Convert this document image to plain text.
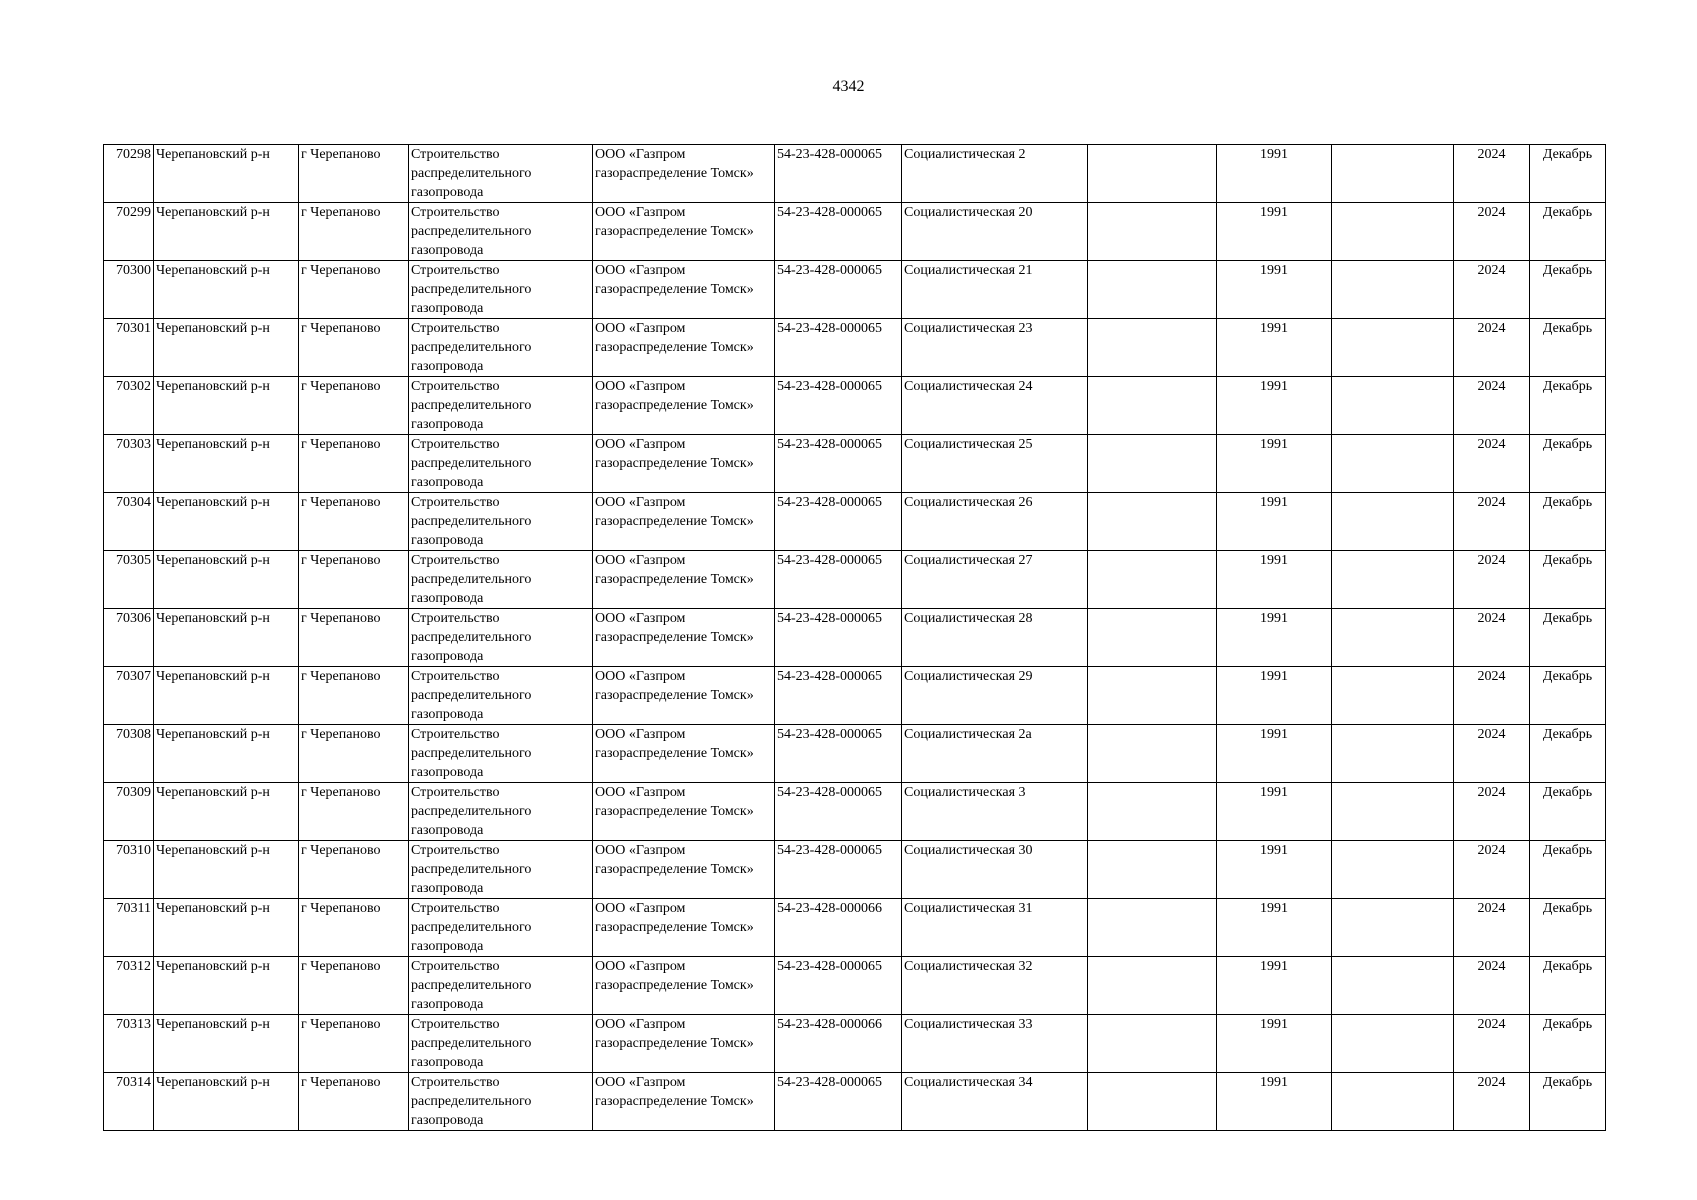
4342
70298	Черепановский р-н	г Черепаново	Строительство распределительного газопровода	ООО «Газпром газораспределение Томск»	54-23-428-000065	Социалистическая 2		1991		2024	Декабрь
70299	Черепановский р-н	г Черепаново	Строительство распределительного газопровода	ООО «Газпром газораспределение Томск»	54-23-428-000065	Социалистическая 20		1991		2024	Декабрь
70300	Черепановский р-н	г Черепаново	Строительство распределительного газопровода	ООО «Газпром газораспределение Томск»	54-23-428-000065	Социалистическая 21		1991		2024	Декабрь
70301	Черепановский р-н	г Черепаново	Строительство распределительного газопровода	ООО «Газпром газораспределение Томск»	54-23-428-000065	Социалистическая 23		1991		2024	Декабрь
70302	Черепановский р-н	г Черепаново	Строительство распределительного газопровода	ООО «Газпром газораспределение Томск»	54-23-428-000065	Социалистическая 24		1991		2024	Декабрь
70303	Черепановский р-н	г Черепаново	Строительство распределительного газопровода	ООО «Газпром газораспределение Томск»	54-23-428-000065	Социалистическая 25		1991		2024	Декабрь
70304	Черепановский р-н	г Черепаново	Строительство распределительного газопровода	ООО «Газпром газораспределение Томск»	54-23-428-000065	Социалистическая 26		1991		2024	Декабрь
70305	Черепановский р-н	г Черепаново	Строительство распределительного газопровода	ООО «Газпром газораспределение Томск»	54-23-428-000065	Социалистическая 27		1991		2024	Декабрь
70306	Черепановский р-н	г Черепаново	Строительство распределительного газопровода	ООО «Газпром газораспределение Томск»	54-23-428-000065	Социалистическая 28		1991		2024	Декабрь
70307	Черепановский р-н	г Черепаново	Строительство распределительного газопровода	ООО «Газпром газораспределение Томск»	54-23-428-000065	Социалистическая 29		1991		2024	Декабрь
70308	Черепановский р-н	г Черепаново	Строительство распределительного газопровода	ООО «Газпром газораспределение Томск»	54-23-428-000065	Социалистическая 2а		1991		2024	Декабрь
70309	Черепановский р-н	г Черепаново	Строительство распределительного газопровода	ООО «Газпром газораспределение Томск»	54-23-428-000065	Социалистическая 3		1991		2024	Декабрь
70310	Черепановский р-н	г Черепаново	Строительство распределительного газопровода	ООО «Газпром газораспределение Томск»	54-23-428-000065	Социалистическая 30		1991		2024	Декабрь
70311	Черепановский р-н	г Черепаново	Строительство распределительного газопровода	ООО «Газпром газораспределение Томск»	54-23-428-000066	Социалистическая 31		1991		2024	Декабрь
70312	Черепановский р-н	г Черепаново	Строительство распределительного газопровода	ООО «Газпром газораспределение Томск»	54-23-428-000065	Социалистическая 32		1991		2024	Декабрь
70313	Черепановский р-н	г Черепаново	Строительство распределительного газопровода	ООО «Газпром газораспределение Томск»	54-23-428-000066	Социалистическая 33		1991		2024	Декабрь
70314	Черепановский р-н	г Черепаново	Строительство распределительного газопровода	ООО «Газпром газораспределение Томск»	54-23-428-000065	Социалистическая 34		1991		2024	Декабрь
